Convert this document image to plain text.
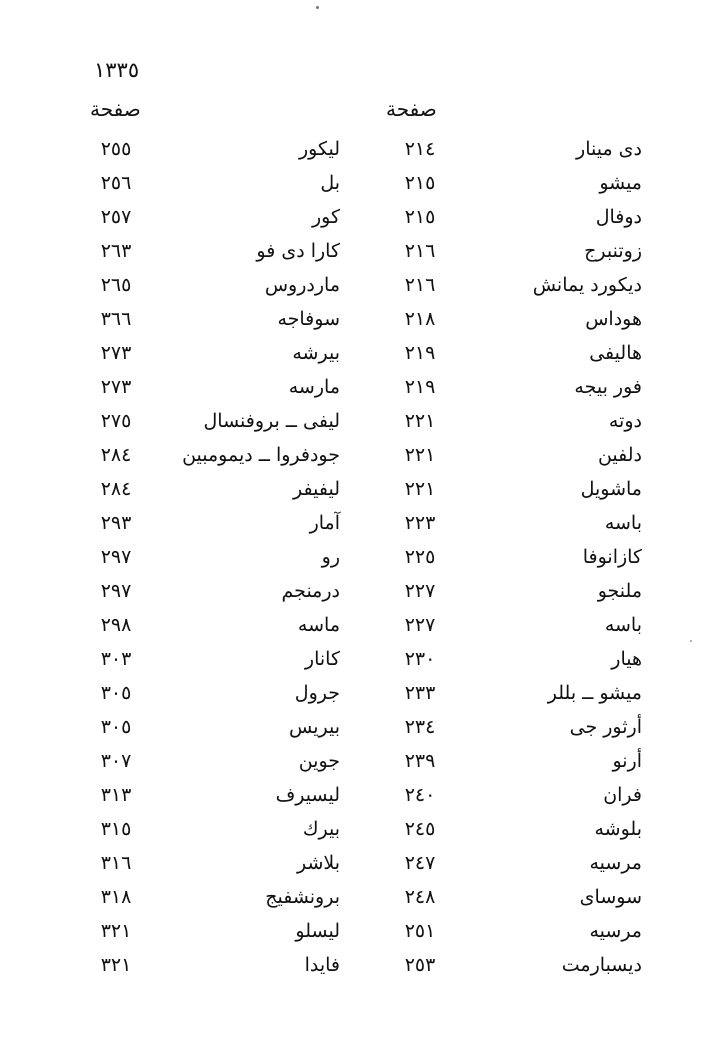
١٣٣٥
صفحة	صفحة
دی مینار
٢١٤
لیکور
٢٥٥
میشو
٢١٥
بل
٢٥٦
دوفال
٢١٥
کور
٢٥٧
زوتنبرج
٢١٦
کارا دی فو
٢٦٣
دیکورد یمانش
٢١٦
ماردروس
٢٦٥
هوداس
٢١٨
سوفاجه
٣٦٦
هالیفی
٢١٩
بیرشه
٢٧٣
فور بیجه
٢١٩
مارسه
٢٧٣
دوته
٢٢١
لیفی ــ بروفنسال
٢٧٥
دلفین
٢٢١
جودفروا ــ دیمومبین
٢٨٤
ماشویل
٢٢١
لیفیفر
٢٨٤
باسه
٢٢٣
آمار
٢٩٣
کازانوفا
٢٢٥
رو
٢٩٧
ملنجو
٢٢٧
درمنجم
٢٩٧
باسه
٢٢٧
ماسه
٢٩٨
هیار
٢٣٠
کانار
٣٠٣
میشو ــ بللر
٢٣٣
جرول
٣٠٥
أرثور جی
٢٣٤
بیریس
٣٠٥
أرنو
٢٣٩
جوین
٣٠٧
فران
٢٤٠
لیسیرف
٣١٣
بلوشه
٢٤٥
بیرك
٣١٥
مرسیه
٢٤٧
بلاشر
٣١٦
سوسای
٢٤٨
برونشفیج
٣١٨
مرسیه
٢٥١
لیسلو
٣٢١
دیسبارمت
٢٥٣
فایدا
٣٢١
